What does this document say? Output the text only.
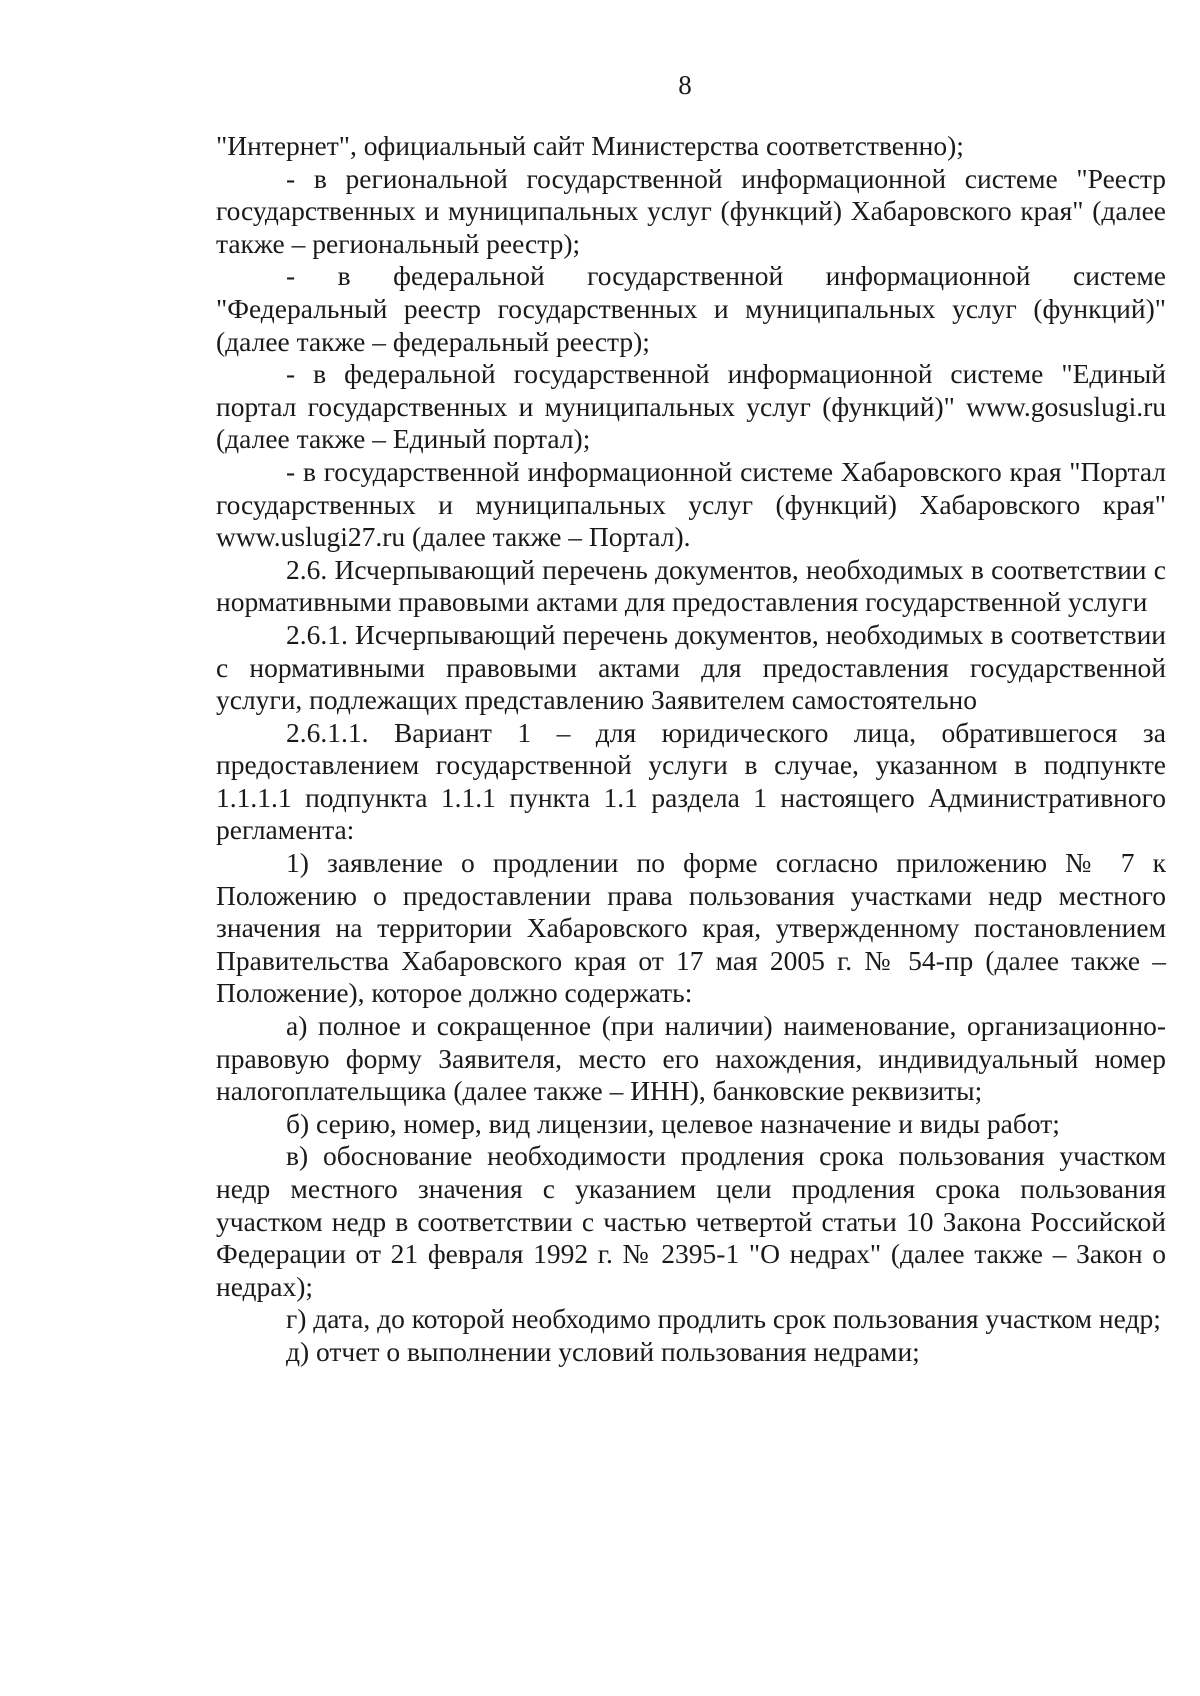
8

"Интернет", официальный сайт Министерства соответственно);

- в региональной государственной информационной системе "Реестр государственных и муниципальных услуг (функций) Хабаровского края" (далее также – региональный реестр);

- в федеральной государственной информационной системе "Федеральный реестр государственных и муниципальных услуг (функций)" (далее также – федеральный реестр);

- в федеральной государственной информационной системе "Единый портал государственных и муниципальных услуг (функций)" www.gosuslugi.ru (далее также – Единый портал);

- в государственной информационной системе Хабаровского края "Портал государственных и муниципальных услуг (функций) Хабаровского края" www.uslugi27.ru (далее также – Портал).

2.6. Исчерпывающий перечень документов, необходимых в соответствии с нормативными правовыми актами для предоставления государственной услуги

2.6.1. Исчерпывающий перечень документов, необходимых в соответствии с нормативными правовыми актами для предоставления государственной услуги, подлежащих представлению Заявителем самостоятельно

2.6.1.1. Вариант 1 – для юридического лица, обратившегося за предоставлением государственной услуги в случае, указанном в подпункте 1.1.1.1 подпункта 1.1.1 пункта 1.1 раздела 1 настоящего Административного регламента:

1) заявление о продлении по форме согласно приложению № 7 к Положению о предоставлении права пользования участками недр местного значения на территории Хабаровского края, утвержденному постановлением Правительства Хабаровского края от 17 мая 2005 г. № 54-пр (далее также – Положение), которое должно содержать:

а) полное и сокращенное (при наличии) наименование, организационно-правовую форму Заявителя, место его нахождения, индивидуальный номер налогоплательщика (далее также – ИНН), банковские реквизиты;

б) серию, номер, вид лицензии, целевое назначение и виды работ;

в) обоснование необходимости продления срока пользования участком недр местного значения с указанием цели продления срока пользования участком недр в соответствии с частью четвертой статьи 10 Закона Российской Федерации от 21 февраля 1992 г. № 2395-1 "О недрах" (далее также – Закон о недрах);

г) дата, до которой необходимо продлить срок пользования участком недр;

д) отчет о выполнении условий пользования недрами;
